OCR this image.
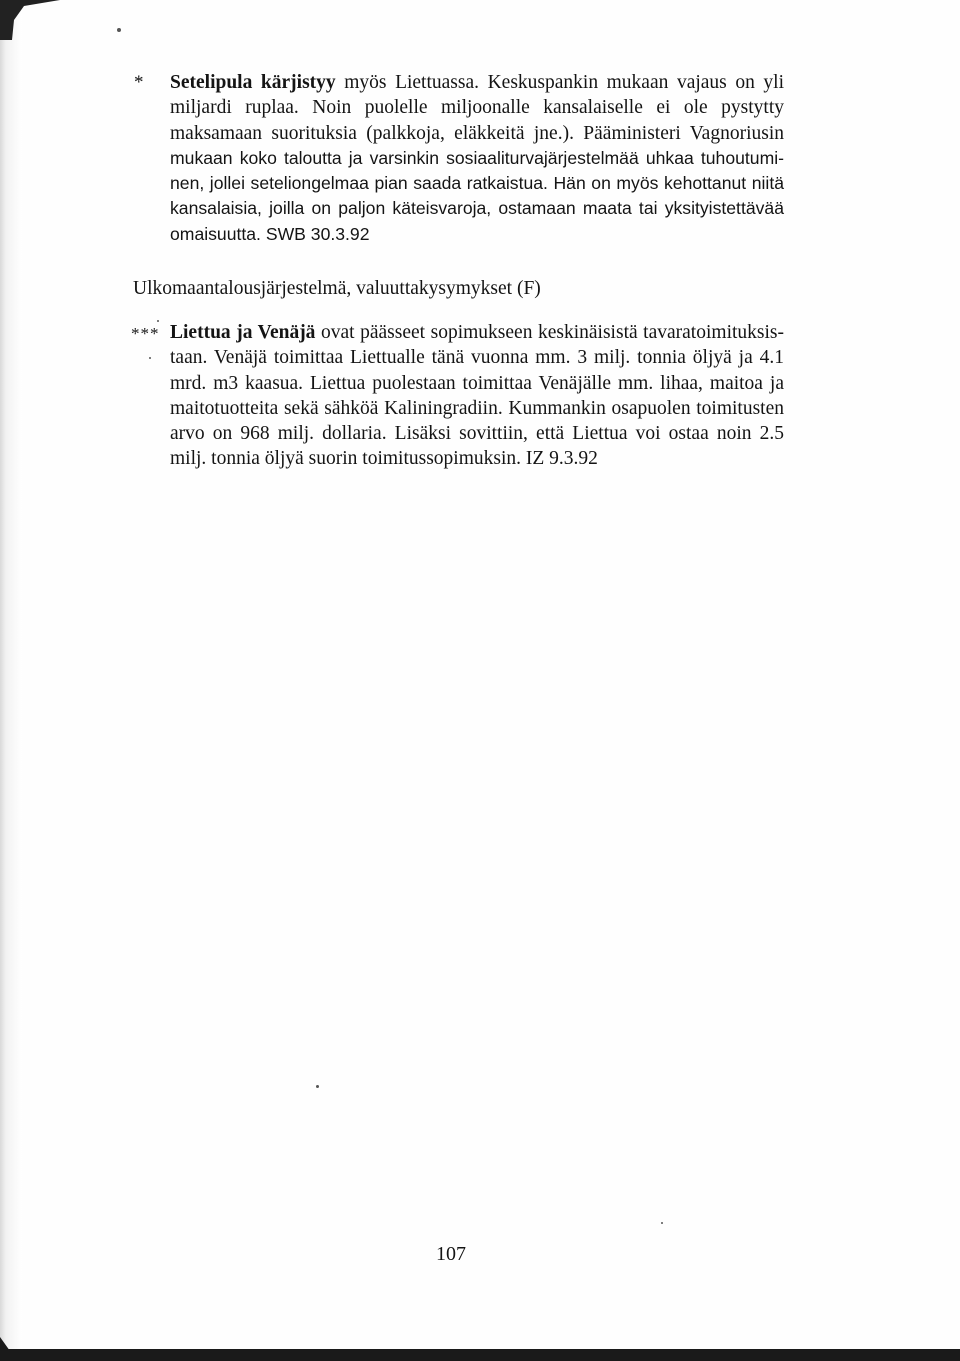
* Setelipula kärjistyy myös Liettuassa. Keskuspankin mukaan vajaus on yli
miljardi ruplaa. Noin puolelle miljoonalle kansalaiselle ei ole pystytty
maksamaan suorituksia (palkkoja, eläkkeitä jne.). Pääministeri Vagnoriusin
mukaan koko taloutta ja varsinkin sosiaaliturvajärjestelmää uhkaa tuhoutumi-
nen, jollei seteliongelmaa pian saada ratkaistua. Hän on myös kehottanut niitä
kansalaisia, joilla on paljon käteisvaroja, ostamaan maata tai yksityistettävää
omaisuutta. SWB 30.3.92
Ulkomaantalousjärjestelmä, valuuttakysymykset (F)
*** Liettua ja Venäjä ovat päässeet sopimukseen keskinäisistä tavaratoimituksis-
taan. Venäjä toimittaa Liettualle tänä vuonna mm. 3 milj. tonnia öljyä ja 4.1
mrd. m3 kaasua. Liettua puolestaan toimittaa Venäjälle mm. lihaa, maitoa ja
maitotuotteita sekä sähköä Kaliningradiin. Kummankin osapuolen toimitusten
arvo on 968 milj. dollaria. Lisäksi sovittiin, että Liettua voi ostaa noin 2.5
milj. tonnia öljyä suorin toimitussopimuksin. IZ 9.3.92
107
